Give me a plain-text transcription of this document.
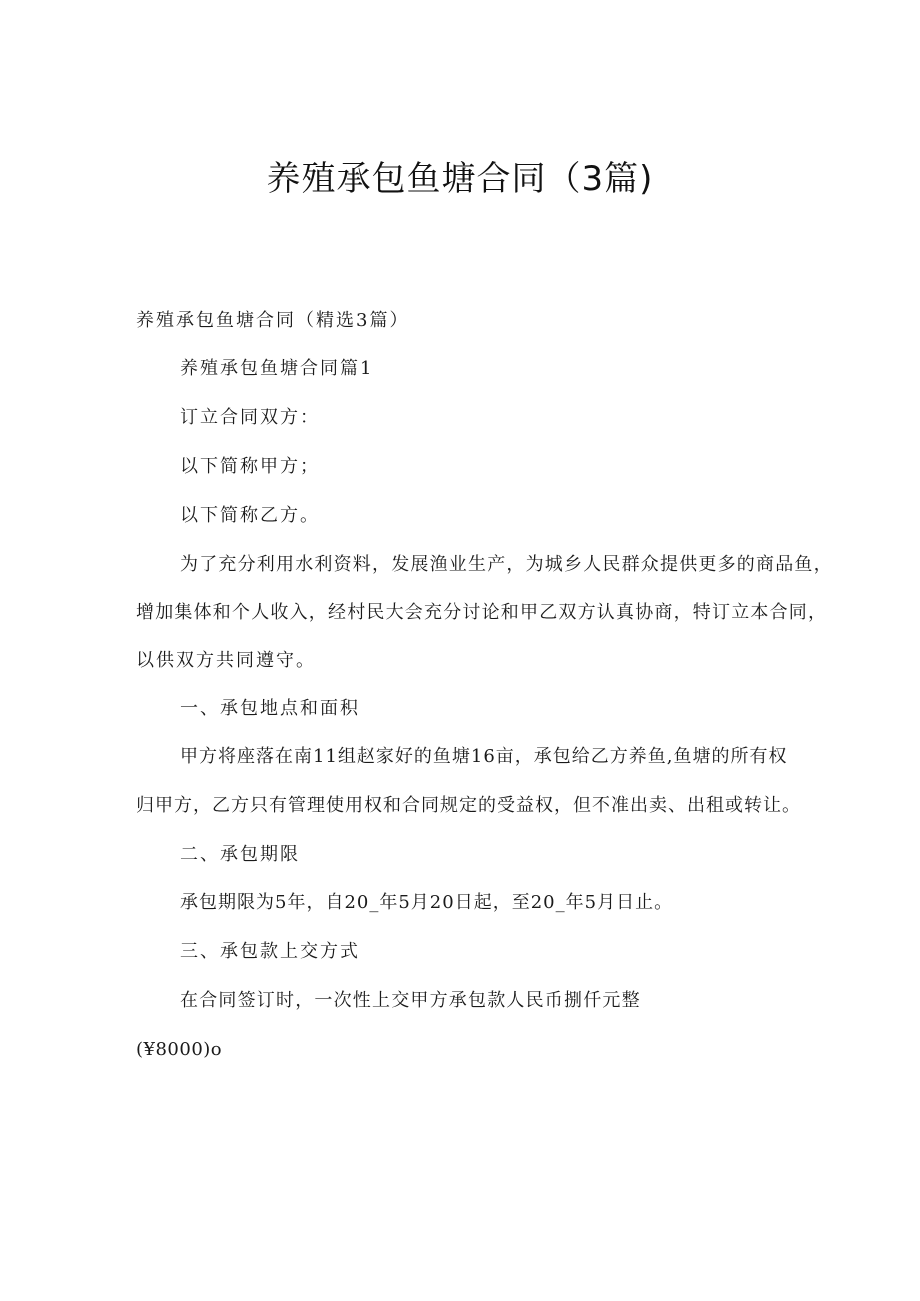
养殖承包鱼塘合同（3篇)

养殖承包鱼塘合同（精选3篇）

养殖承包鱼塘合同篇1

订立合同双方：

以下简称甲方；

以下简称乙方。

为了充分利用水利资料，发展渔业生产，为城乡人民群众提供更多的商品鱼，

增加集体和个人收入，经村民大会充分讨论和甲乙双方认真协商，特订立本合同，

以供双方共同遵守。

一、承包地点和面积

甲方将座落在南11组赵家好的鱼塘16亩，承包给乙方养鱼,鱼塘的所有权

归甲方，乙方只有管理使用权和合同规定的受益权，但不准出卖、出租或转让。

二、承包期限

承包期限为5年，自20_年5月20日起，至20_年5月日止。

三、承包款上交方式

在合同签订时，一次性上交甲方承包款人民币捌仟元整

(¥8000)o
